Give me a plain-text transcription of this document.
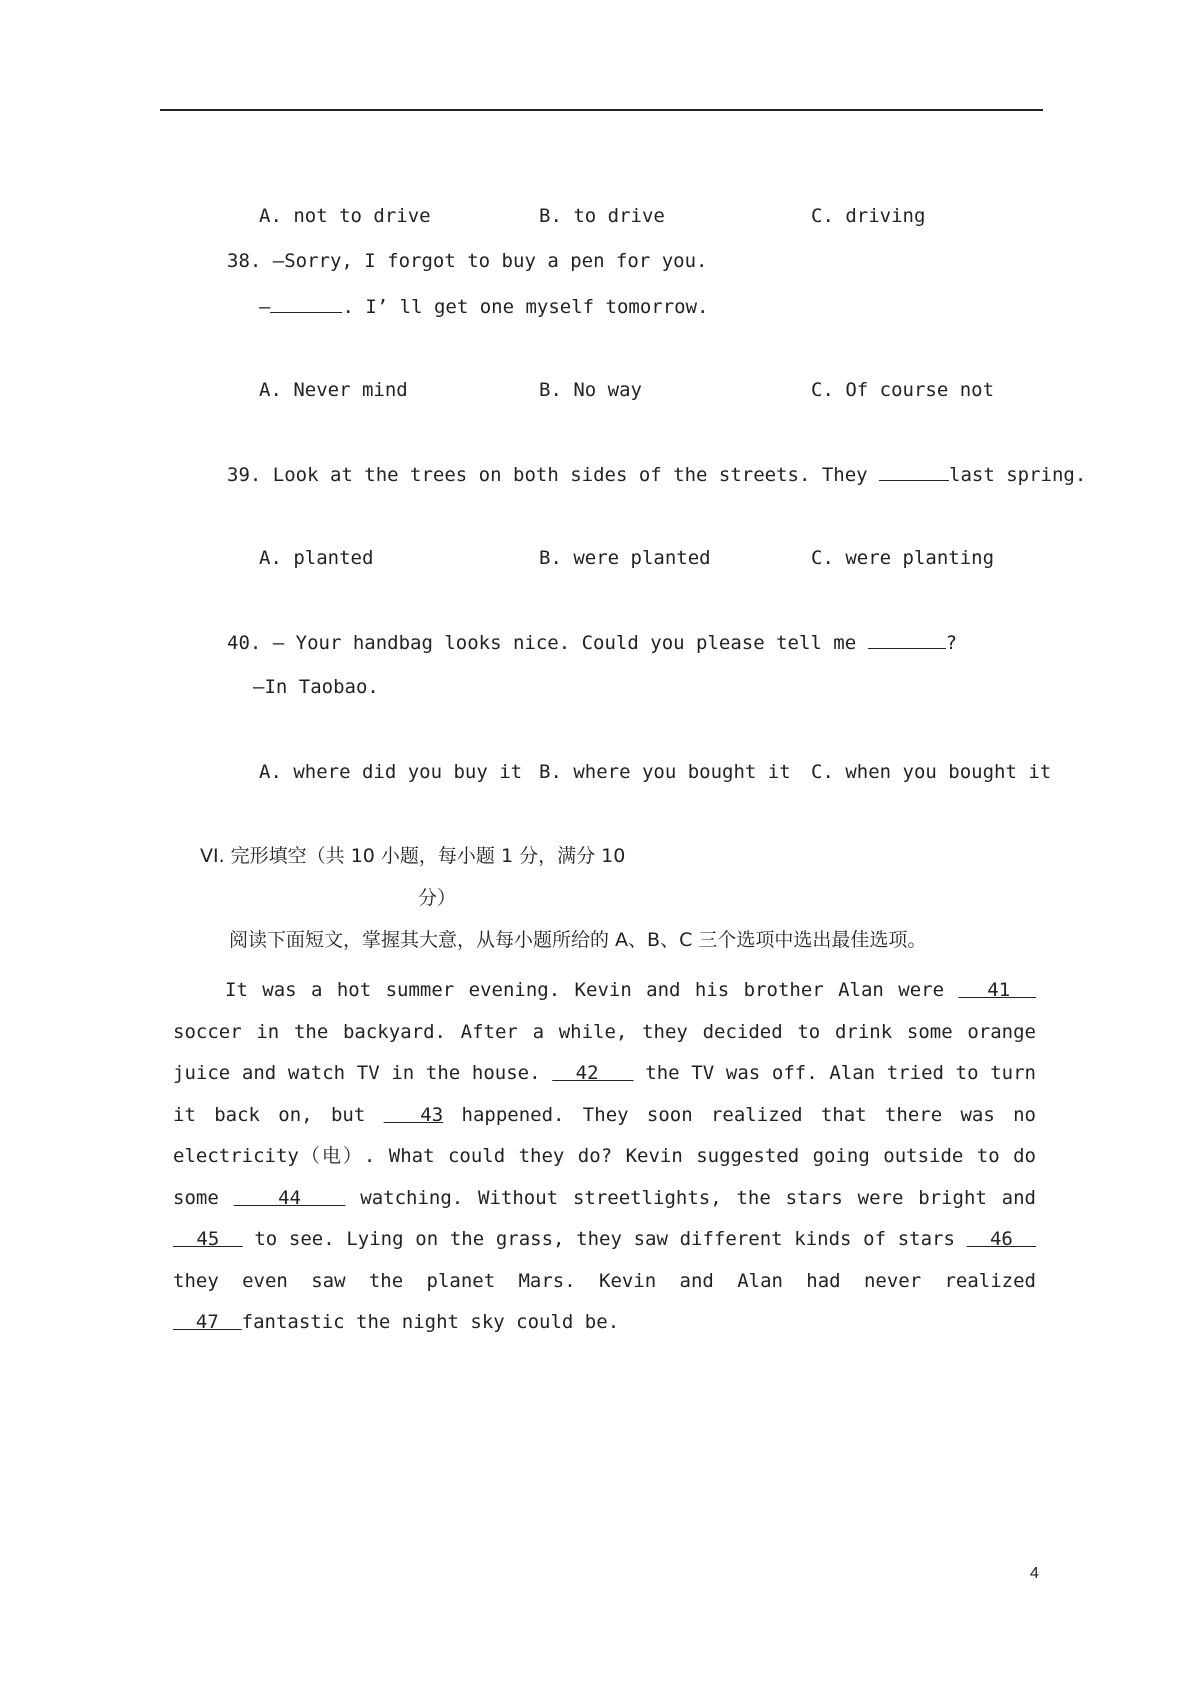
A. not to drive	B. to drive	C. driving
38. —Sorry, I forgot to buy a pen for you.
—	. I’ ll get one myself tomorrow.
A. Never mind	B. No way	C. Of course not
39. Look at the trees on both sides of the streets. They	last spring.
A. planted	B. were planted	C. were planting
40. – Your handbag looks nice. Could you please tell me	?
—In Taobao.
A. where did you buy it B. where you bought it C. when you bought it
VI. 完形填空（共 10 小题，每小题 1 分，满分 10
分）
阅读下面短文，掌握其大意，从每小题所给的 A、B、C 三个选项中选出最佳选项。
It was a hot summer evening. Kevin and his brother Alan were   41   soccer in the backyard. After a while, they decided to drink some orange juice and watch TV in the house.   42    the TV was off. Alan tried to turn it back on, but   43 happened. They soon realized that there was no electricity（电）. What could they do? Kevin suggested going outside to do some    44    watching. Without streetlights, the stars were bright and   45   to see. Lying on the grass, they saw different kinds of stars   46   they even saw the planet Mars. Kevin and Alan had never realized   47  fantastic the night sky could be.
4
